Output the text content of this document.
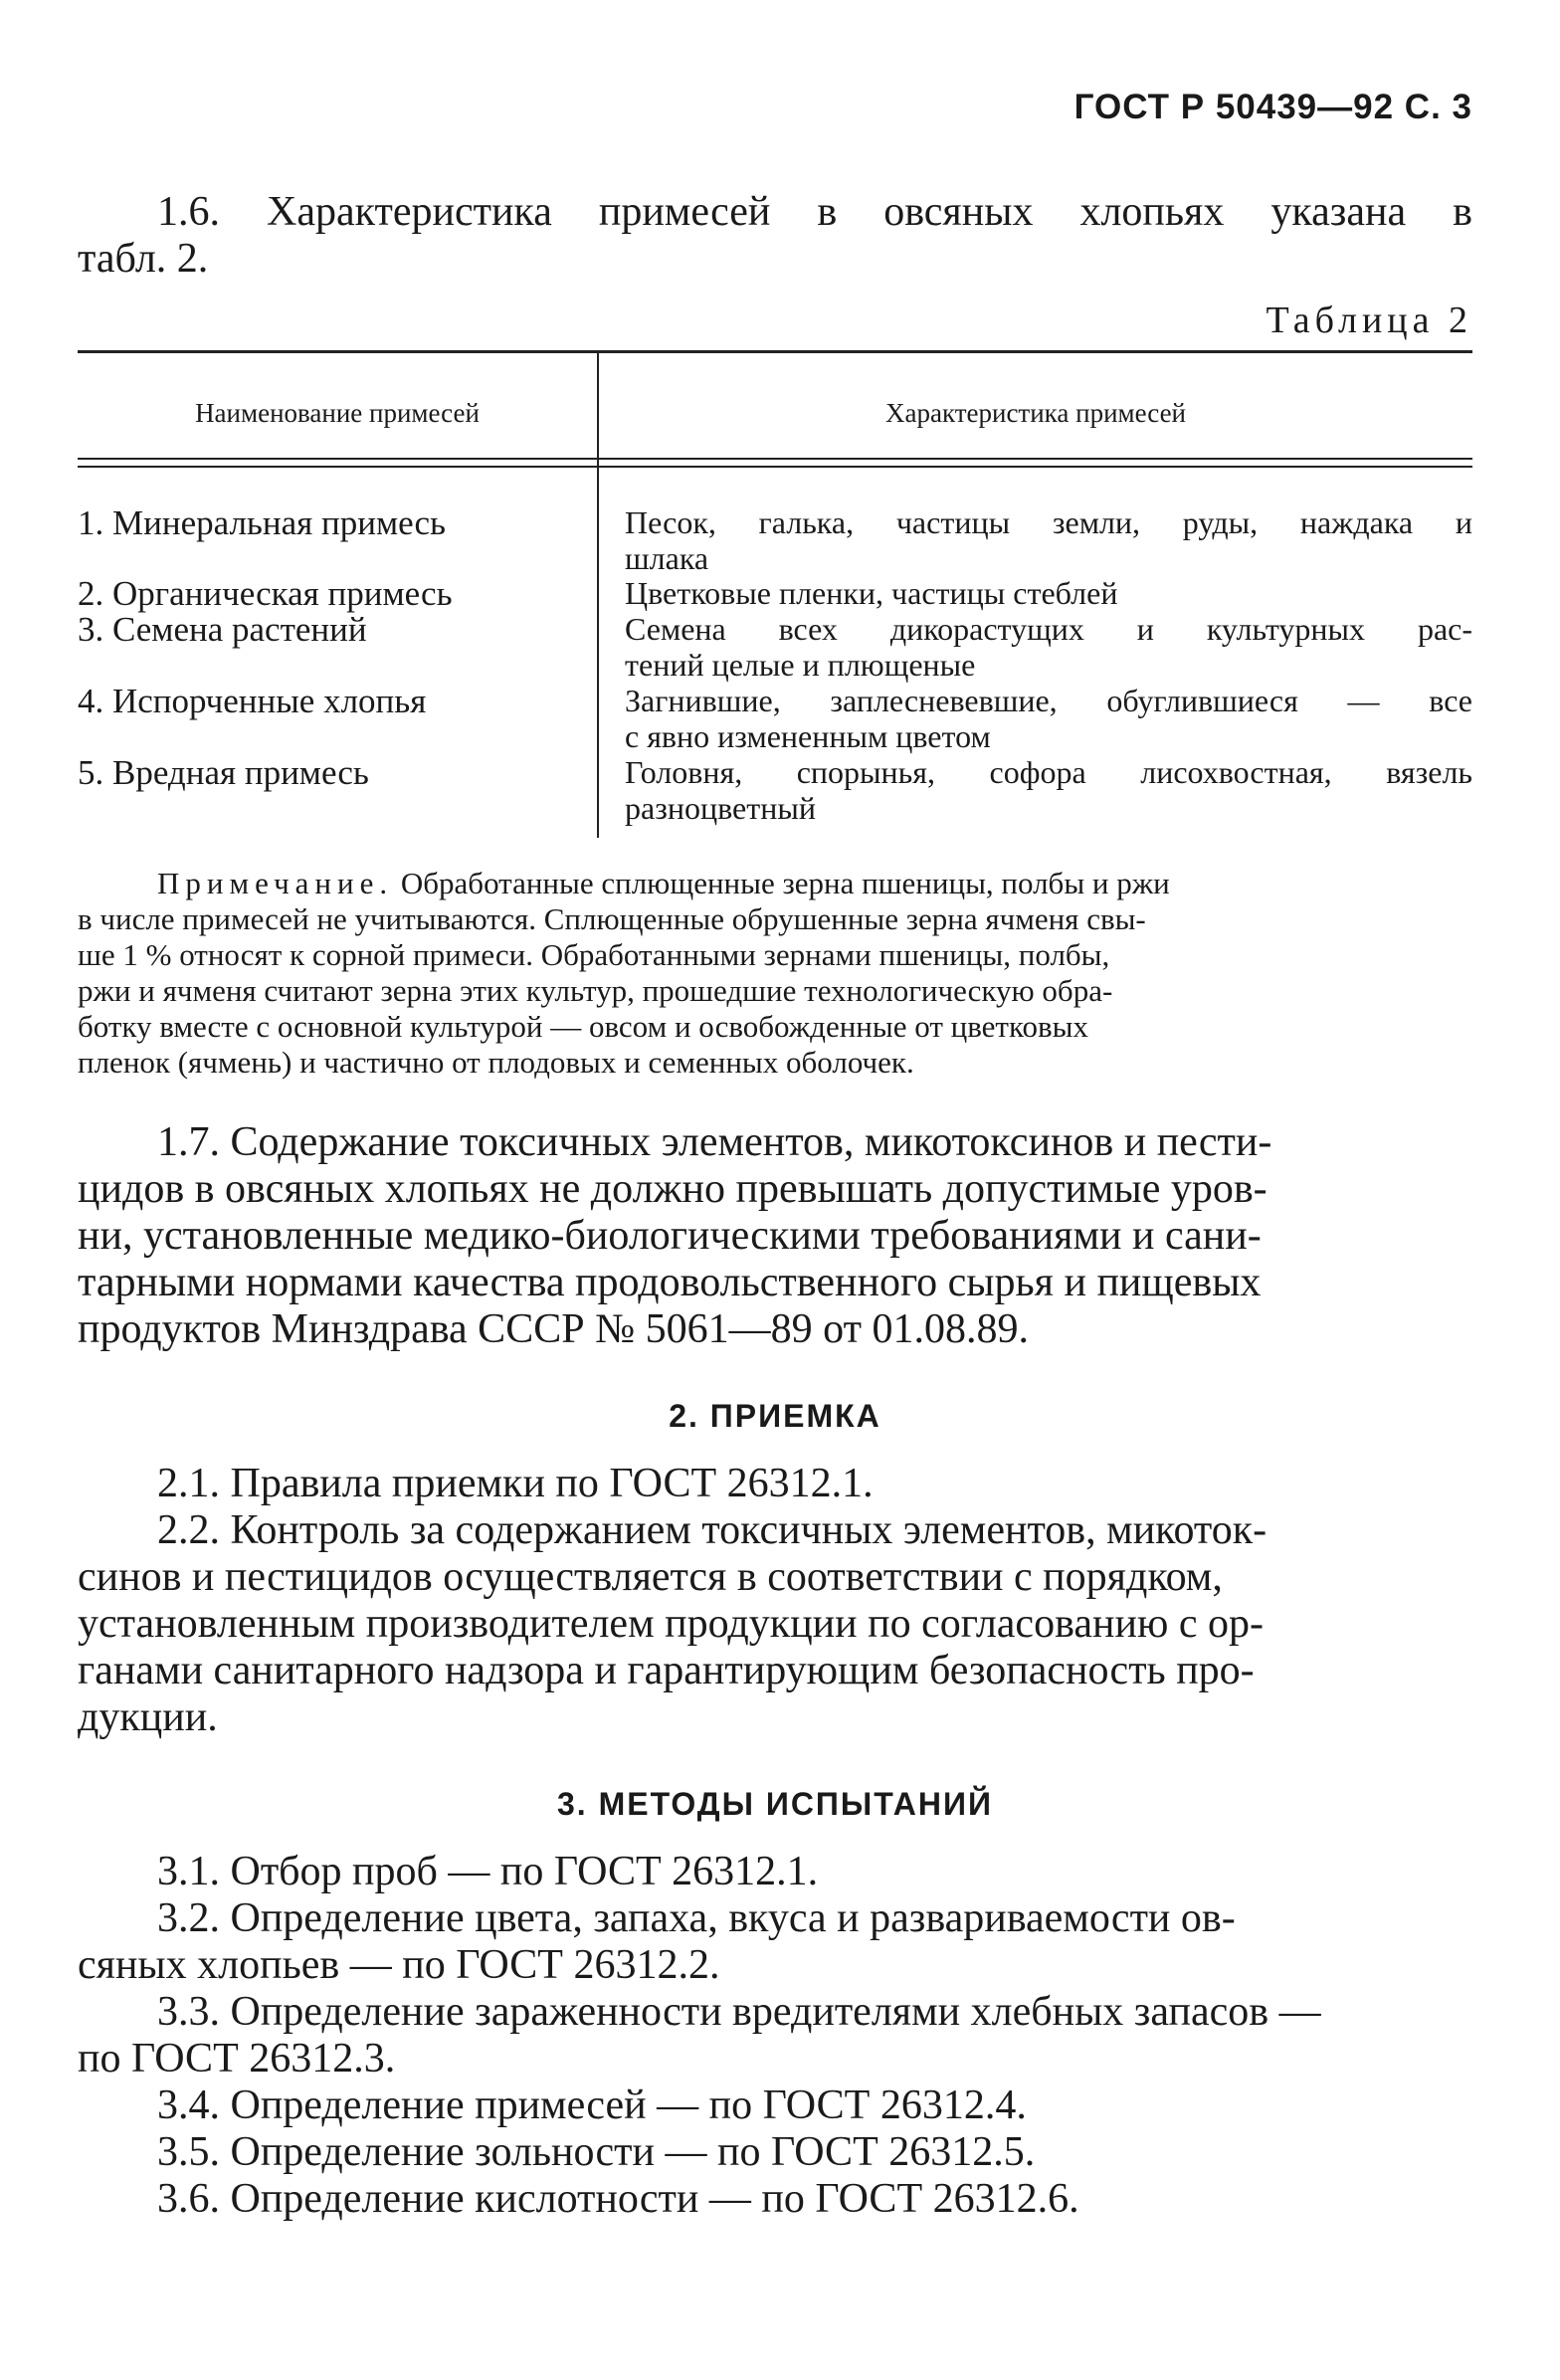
ГОСТ Р 50439—92 С. 3

1.6. Характеристика примесей в овсяных хлопьях указана в
табл. 2.

Таблица 2
Наименование примесей	Характеристика примесей
1. Минеральная примесь	Песок, галька, частицы земли, руды, наждака и
шлака
2. Органическая примесь	Цветковые пленки, частицы стеблей
3. Семена растений	Семена всех дикорастущих и культурных рас-
тений целые и плющеные
4. Испорченные хлопья	Загнившие, заплесневевшие, обуглившиеся — все
с явно измененным цветом
5. Вредная примесь	Головня, спорынья, софора лисохвостная, вязель
разноцветный
Примечание. Обработанные сплющенные зерна пшеницы, полбы и ржи
в числе примесей не учитываются. Сплющенные обрушенные зерна ячменя свы-
ше 1 % относят к сорной примеси. Обработанными зернами пшеницы, полбы,
ржи и ячменя считают зерна этих культур, прошедшие технологическую обра-
ботку вместе с основной культурой — овсом и освобожденные от цветковых
пленок (ячмень) и частично от плодовых и семенных оболочек.

1.7. Содержание токсичных элементов, микотоксинов и пести-
цидов в овсяных хлопьях не должно превышать допустимые уров-
ни, установленные медико-биологическими требованиями и сани-
тарными нормами качества продовольственного сырья и пищевых
продуктов Минздрава СССР № 5061—89 от 01.08.89.

2. ПРИЕМКА

2.1. Правила приемки по ГОСТ 26312.1.

2.2. Контроль за содержанием токсичных элементов, микоток-
синов и пестицидов осуществляется в соответствии с порядком,
установленным производителем продукции по согласованию с ор-
ганами санитарного надзора и гарантирующим безопасность про-
дукции.

3. МЕТОДЫ ИСПЫТАНИЙ

3.1. Отбор проб — по ГОСТ 26312.1.

3.2. Определение цвета, запаха, вкуса и развариваемости ов-
сяных хлопьев — по ГОСТ 26312.2.

3.3. Определение зараженности вредителями хлебных запасов —
по ГОСТ 26312.3.

3.4. Определение примесей — по ГОСТ 26312.4.

3.5. Определение зольности — по ГОСТ 26312.5.

3.6. Определение кислотности — по ГОСТ 26312.6.
